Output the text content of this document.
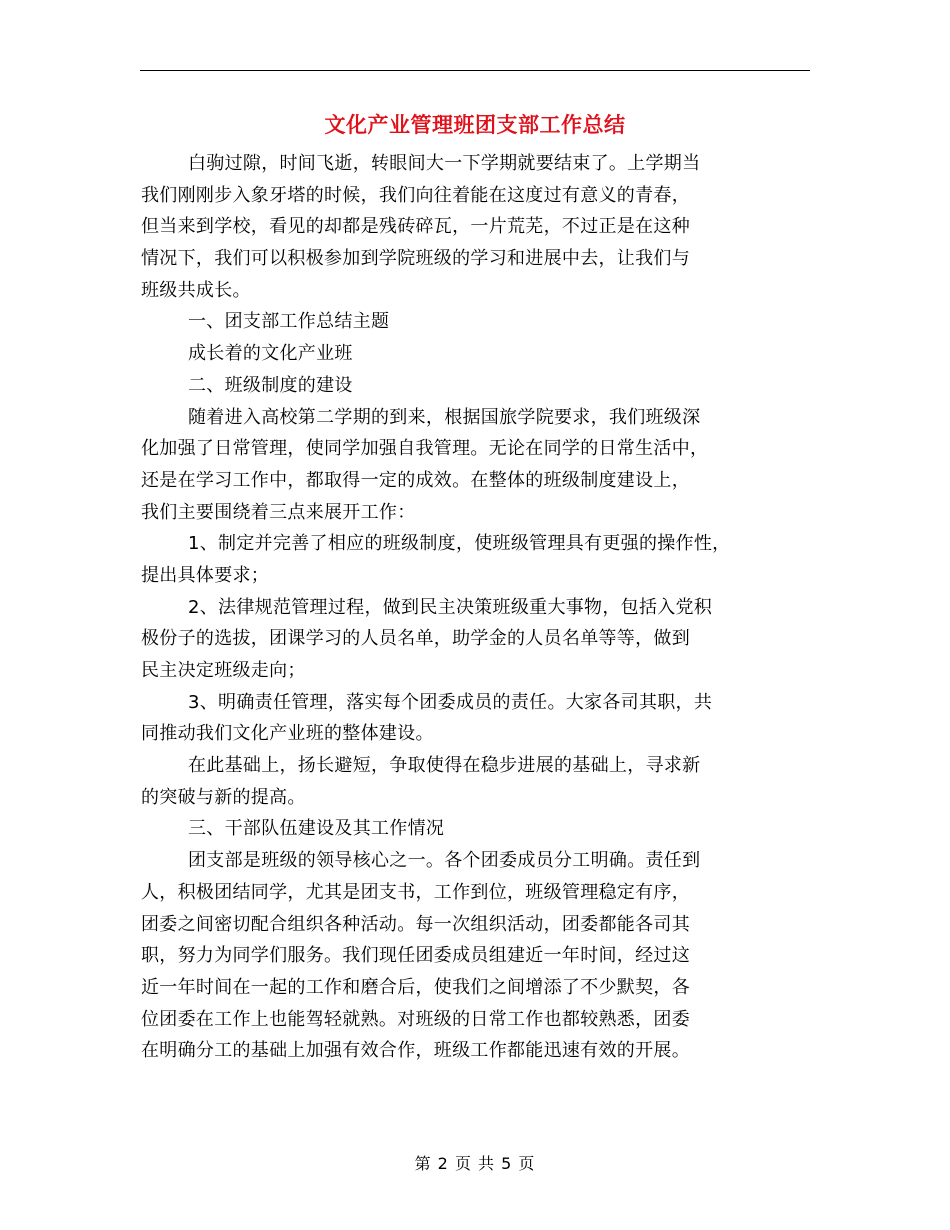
文化产业管理班团支部工作总结
白驹过隙，时间飞逝，转眼间大一下学期就要结束了。上学期当
我们刚刚步入象牙塔的时候，我们向往着能在这度过有意义的青春，
但当来到学校，看见的却都是残砖碎瓦，一片荒芜，不过正是在这种
情况下，我们可以积极参加到学院班级的学习和进展中去，让我们与
班级共成长。
一、团支部工作总结主题
成长着的文化产业班
二、班级制度的建设
随着进入高校第二学期的到来，根据国旅学院要求，我们班级深
化加强了日常管理，使同学加强自我管理。无论在同学的日常生活中，
还是在学习工作中，都取得一定的成效。在整体的班级制度建设上，
我们主要围绕着三点来展开工作：
1、制定并完善了相应的班级制度，使班级管理具有更强的操作性，
提出具体要求；
2、法律规范管理过程，做到民主决策班级重大事物，包括入党积
极份子的选拔，团课学习的人员名单，助学金的人员名单等等，做到
民主决定班级走向；
3、明确责任管理，落实每个团委成员的责任。大家各司其职，共
同推动我们文化产业班的整体建设。
在此基础上，扬长避短，争取使得在稳步进展的基础上，寻求新
的突破与新的提高。
三、干部队伍建设及其工作情况
团支部是班级的领导核心之一。各个团委成员分工明确。责任到
人，积极团结同学，尤其是团支书，工作到位，班级管理稳定有序，
团委之间密切配合组织各种活动。每一次组织活动，团委都能各司其
职，努力为同学们服务。我们现任团委成员组建近一年时间，经过这
近一年时间在一起的工作和磨合后，使我们之间增添了不少默契，各
位团委在工作上也能驾轻就熟。对班级的日常工作也都较熟悉，团委
在明确分工的基础上加强有效合作，班级工作都能迅速有效的开展。
第 2 页 共 5 页
